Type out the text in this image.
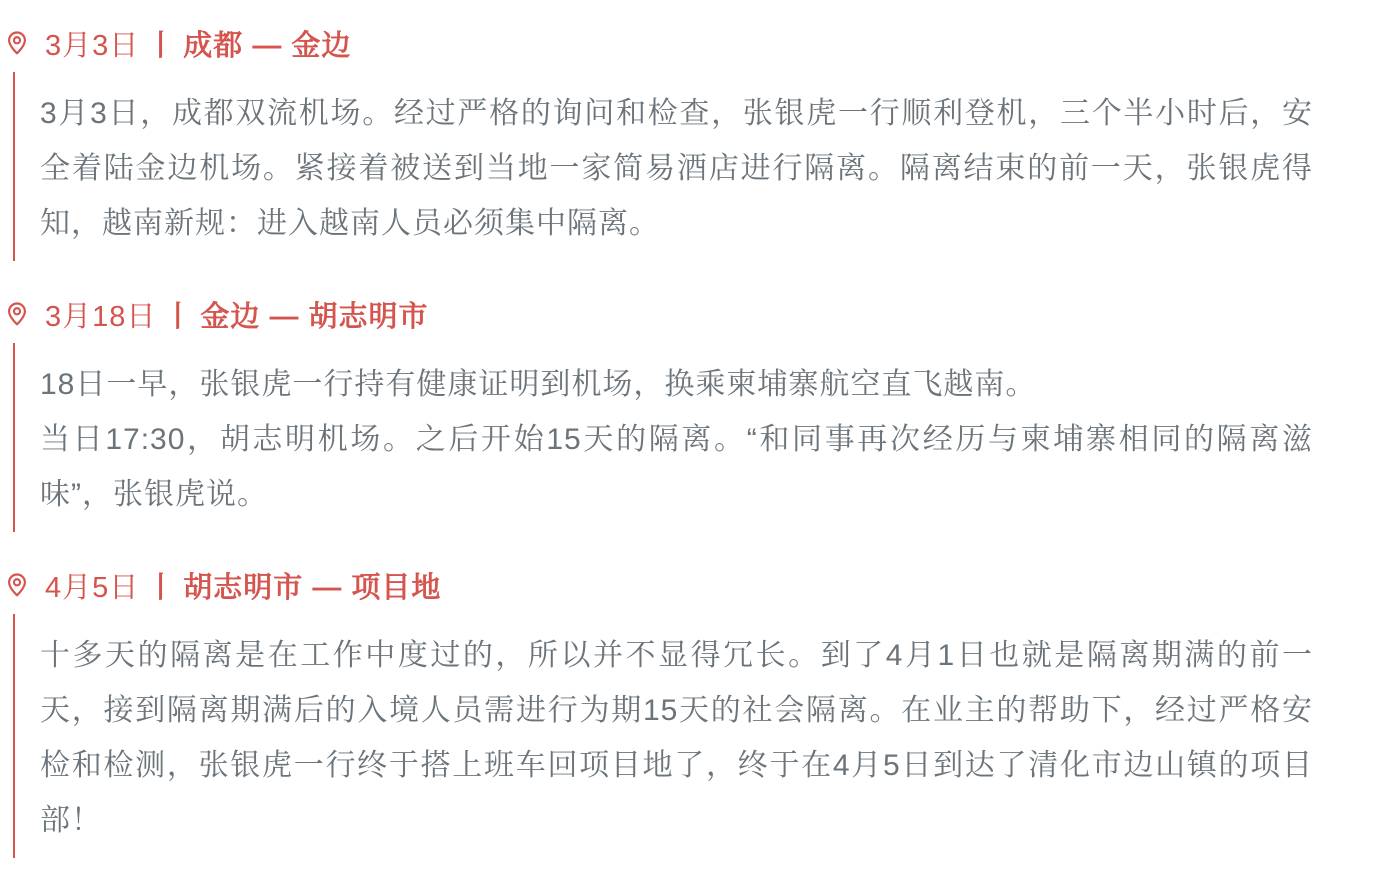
3月3日 丨 成都 — 金边

3月3日，成都双流机场。经过严格的询问和检查，张银虎一行顺利登机，三个半小时后，安全着陆金边机场。紧接着被送到当地一家简易酒店进行隔离。隔离结束的前一天，张银虎得知，越南新规：进入越南人员必须集中隔离。

3月18日 丨 金边 — 胡志明市

18日一早，张银虎一行持有健康证明到机场，换乘柬埔寨航空直飞越南。

当日17:30，胡志明机场。之后开始15天的隔离。“和同事再次经历与柬埔寨相同的隔离滋味”，张银虎说。

4月5日 丨 胡志明市 — 项目地

十多天的隔离是在工作中度过的，所以并不显得冗长。到了4月1日也就是隔离期满的前一天，接到隔离期满后的入境人员需进行为期15天的社会隔离。在业主的帮助下，经过严格安检和检测，张银虎一行终于搭上班车回项目地了，终于在4月5日到达了清化市边山镇的项目部！
